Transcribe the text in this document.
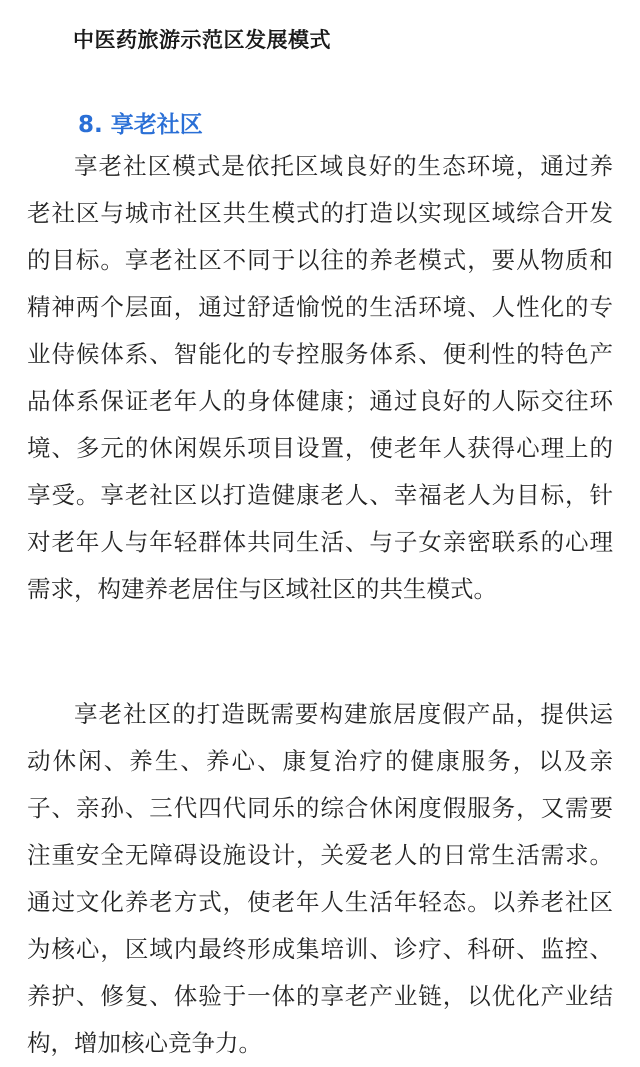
中医药旅游示范区发展模式
8. 享老社区

享老社区模式是依托区域良好的生态环境，通过养老社区与城市社区共生模式的打造以实现区域综合开发的目标。享老社区不同于以往的养老模式，要从物质和精神两个层面，通过舒适愉悦的生活环境、人性化的专业侍候体系、智能化的专控服务体系、便利性的特色产品体系保证老年人的身体健康；通过良好的人际交往环境、多元的休闲娱乐项目设置，使老年人获得心理上的享受。享老社区以打造健康老人、幸福老人为目标，针对老年人与年轻群体共同生活、与子女亲密联系的心理需求，构建养老居住与区域社区的共生模式。

享老社区的打造既需要构建旅居度假产品，提供运动休闲、养生、养心、康复治疗的健康服务，以及亲子、亲孙、三代四代同乐的综合休闲度假服务，又需要注重安全无障碍设施设计，关爱老人的日常生活需求。通过文化养老方式，使老年人生活年轻态。以养老社区为核心，区域内最终形成集培训、诊疗、科研、监控、养护、修复、体验于一体的享老产业链，以优化产业结构，增加核心竞争力。
